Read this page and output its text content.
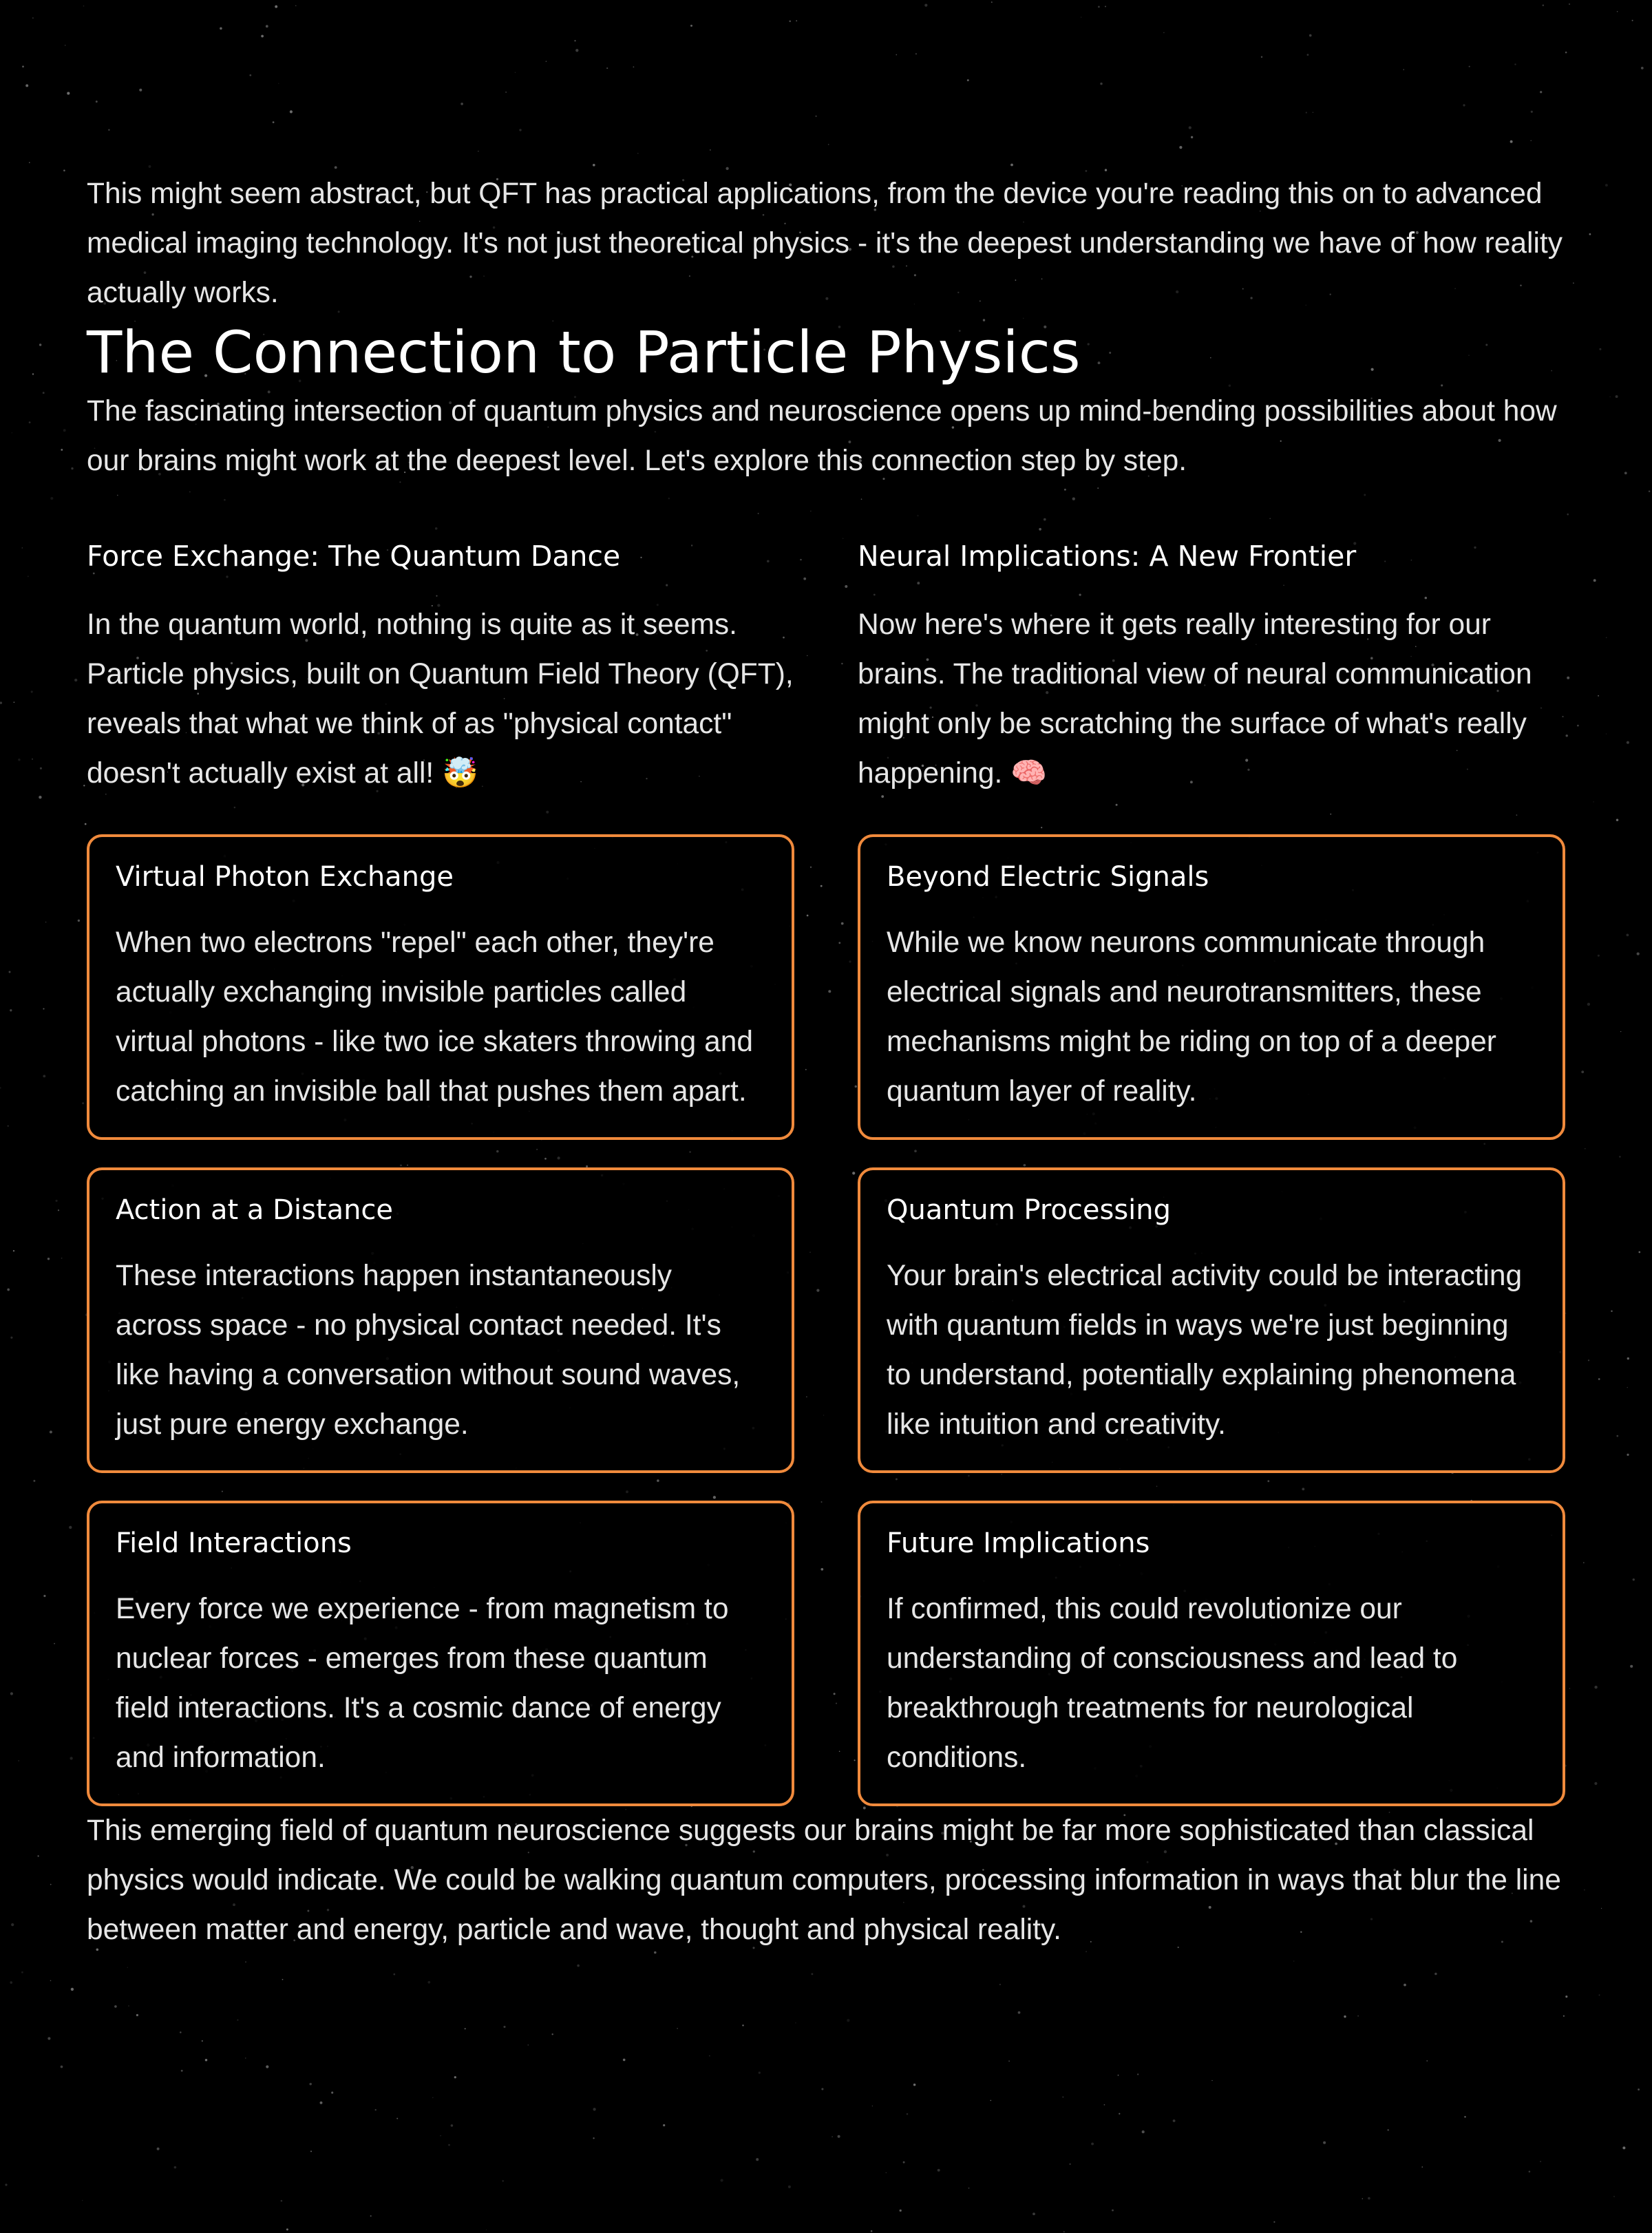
This might seem abstract, but QFT has practical applications, from the device you're reading this on to advanced medical imaging technology. It's not just theoretical physics - it's the deepest understanding we have of how reality actually works.

The Connection to Particle Physics

The fascinating intersection of quantum physics and neuroscience opens up mind-bending possibilities about how our brains might work at the deepest level. Let's explore this connection step by step.

Force Exchange: The Quantum Dance

In the quantum world, nothing is quite as it seems. Particle physics, built on Quantum Field Theory (QFT), reveals that what we think of as "physical contact" doesn't actually exist at all! 🤯

Virtual Photon Exchange

When two electrons "repel" each other, they're actually exchanging invisible particles called virtual photons - like two ice skaters throwing and catching an invisible ball that pushes them apart.

Action at a Distance

These interactions happen instantaneously across space - no physical contact needed. It's like having a conversation without sound waves, just pure energy exchange.

Field Interactions

Every force we experience - from magnetism to nuclear forces - emerges from these quantum field interactions. It's a cosmic dance of energy and information.

Neural Implications: A New Frontier

Now here's where it gets really interesting for our brains. The traditional view of neural communication might only be scratching the surface of what's really happening. 🧠

Beyond Electric Signals

While we know neurons communicate through electrical signals and neurotransmitters, these mechanisms might be riding on top of a deeper quantum layer of reality.

Quantum Processing

Your brain's electrical activity could be interacting with quantum fields in ways we're just beginning to understand, potentially explaining phenomena like intuition and creativity.

Future Implications

If confirmed, this could revolutionize our understanding of consciousness and lead to breakthrough treatments for neurological conditions.

This emerging field of quantum neuroscience suggests our brains might be far more sophisticated than classical physics would indicate. We could be walking quantum computers, processing information in ways that blur the line between matter and energy, particle and wave, thought and physical reality.
